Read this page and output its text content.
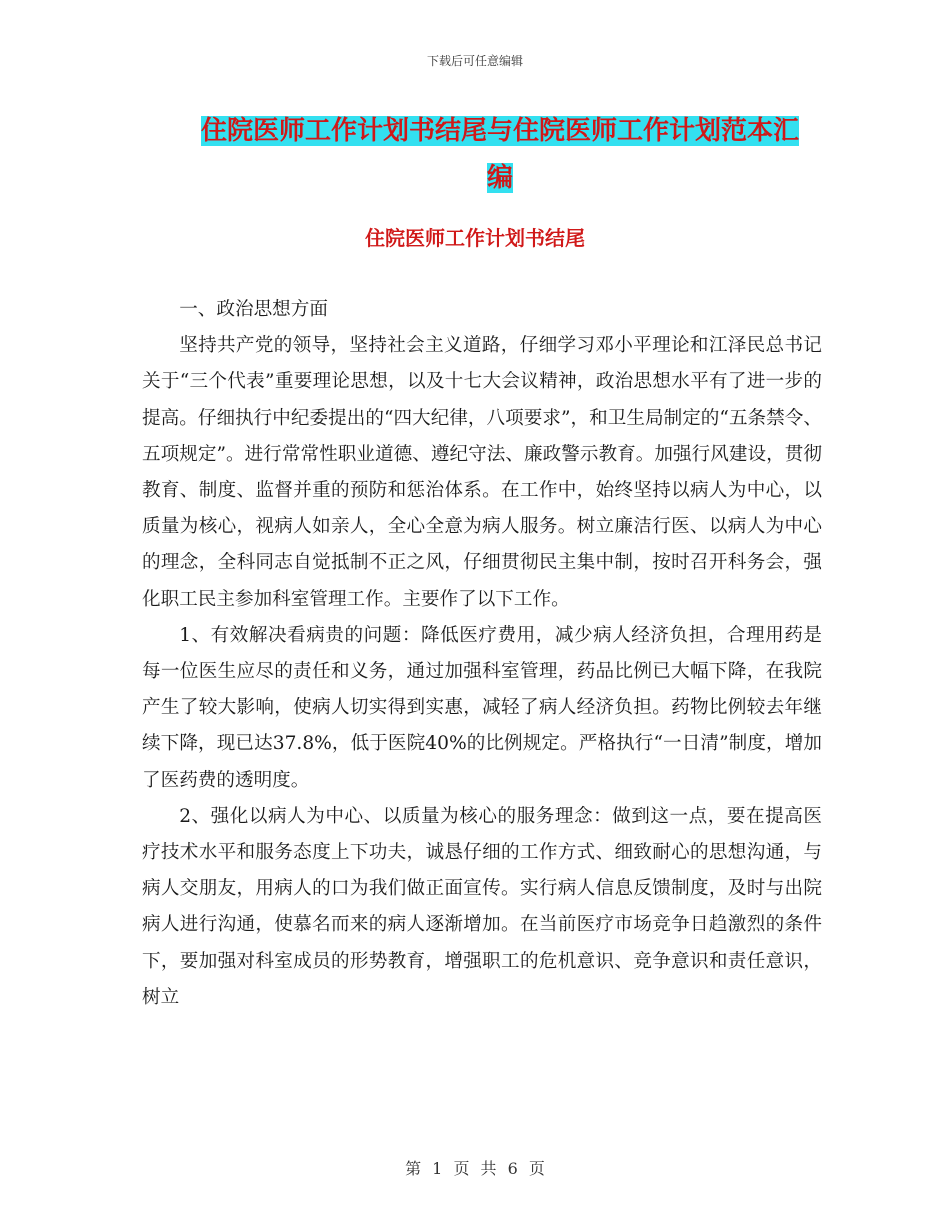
下载后可任意编辑
住院医师工作计划书结尾与住院医师工作计划范本汇编
住院医师工作计划书结尾

一、政治思想方面

坚持共产党的领导，坚持社会主义道路，仔细学习邓小平理论和江泽民总书记关于“三个代表”重要理论思想，以及十七大会议精神，政治思想水平有了进一步的提高。仔细执行中纪委提出的“四大纪律，八项要求”，和卫生局制定的“五条禁令、五项规定”。进行常常性职业道德、遵纪守法、廉政警示教育。加强行风建设，贯彻教育、制度、监督并重的预防和惩治体系。在工作中，始终坚持以病人为中心，以质量为核心，视病人如亲人，全心全意为病人服务。树立廉洁行医、以病人为中心的理念，全科同志自觉抵制不正之风，仔细贯彻民主集中制，按时召开科务会，强化职工民主参加科室管理工作。主要作了以下工作。

1、有效解决看病贵的问题：降低医疗费用，减少病人经济负担，合理用药是每一位医生应尽的责任和义务，通过加强科室管理，药品比例已大幅下降，在我院产生了较大影响，使病人切实得到实惠，减轻了病人经济负担。药物比例较去年继续下降，现已达37.8%，低于医院40%的比例规定。严格执行“一日清”制度，增加了医药费的透明度。

2、强化以病人为中心、以质量为核心的服务理念：做到这一点，要在提高医疗技术水平和服务态度上下功夫，诚恳仔细的工作方式、细致耐心的思想沟通，与病人交朋友，用病人的口为我们做正面宣传。实行病人信息反馈制度，及时与出院病人进行沟通，使慕名而来的病人逐渐增加。在当前医疗市场竞争日趋激烈的条件下，要加强对科室成员的形势教育，增强职工的危机意识、竞争意识和责任意识，树立

第 1 页 共 6 页
